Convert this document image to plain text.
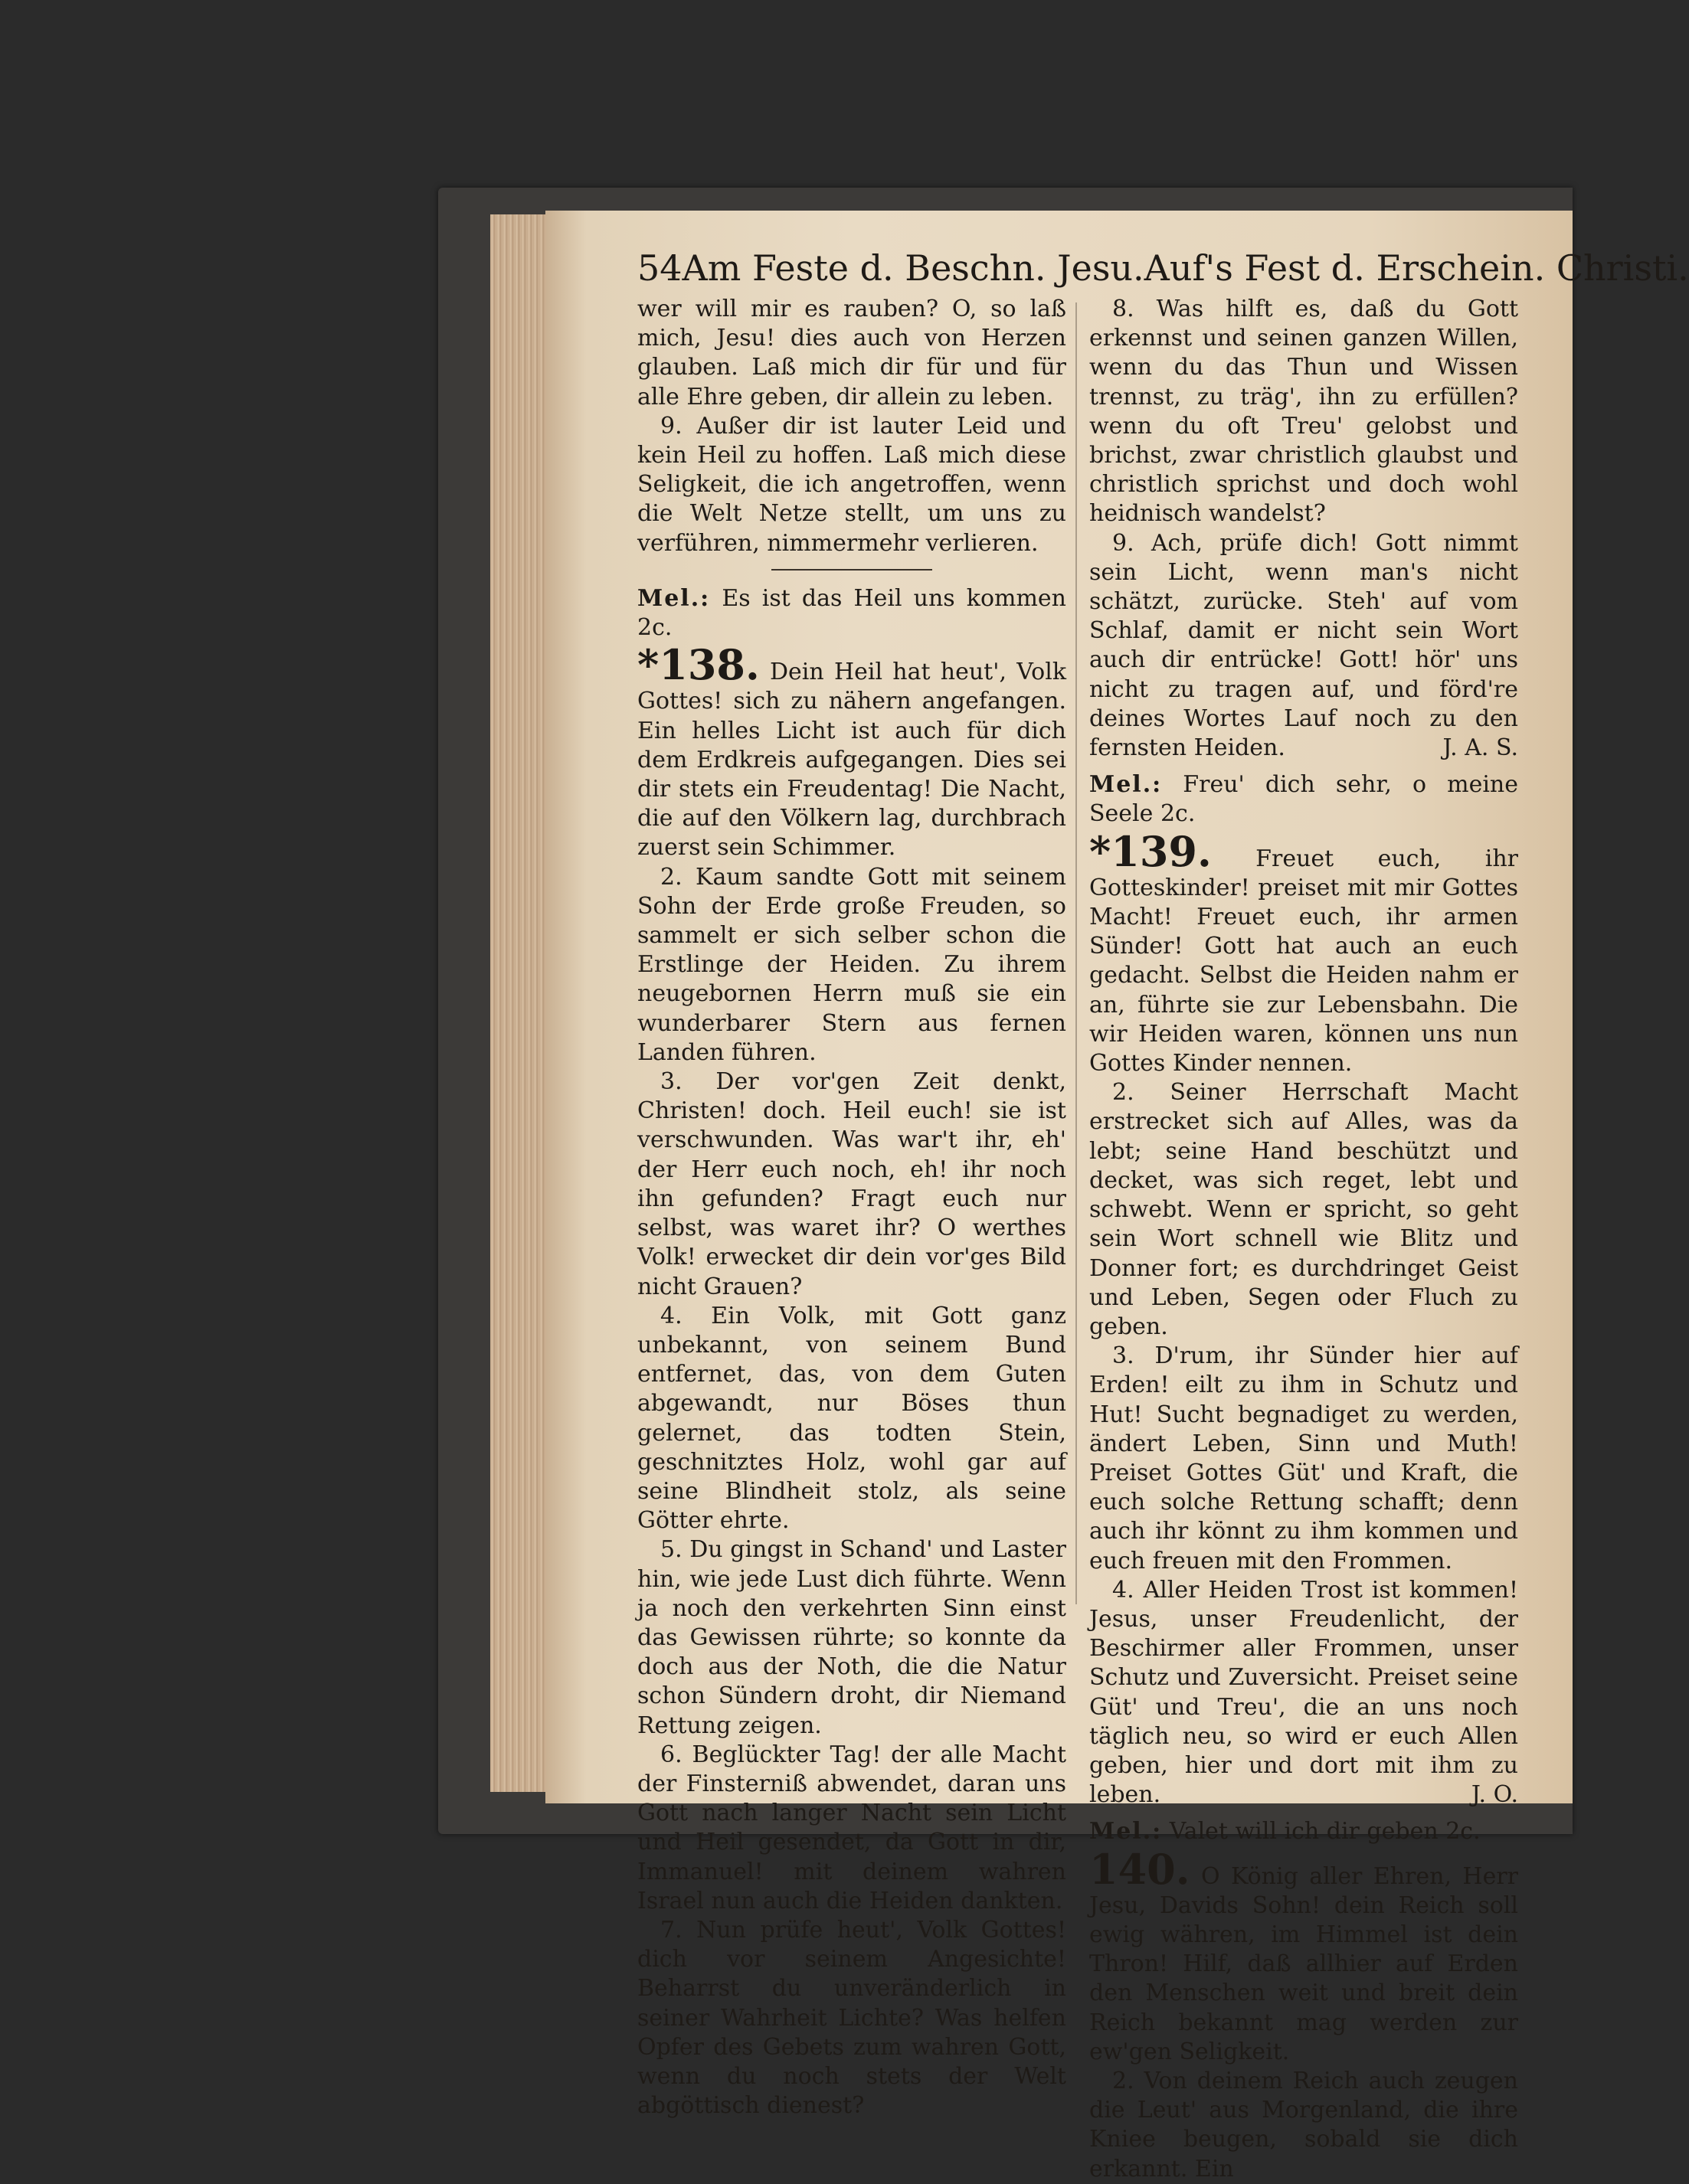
54 Am Feste d. Beschn. Jesu. Auf's Fest d. Erschein. Christi.

wer will mir es rauben? O, so laß mich, Jesu! dies auch von Herzen glauben. Laß mich dir für und für alle Ehre geben, dir allein zu leben.

9. Außer dir ist lauter Leid und kein Heil zu hoffen. Laß mich diese Seligkeit, die ich angetroffen, wenn die Welt Netze stellt, um uns zu verführen, nimmermehr verlieren.

Mel.: Es ist das Heil uns kommen 2c.

*138. Dein Heil hat heut', Volk Gottes! sich zu nähern angefangen. Ein helles Licht ist auch für dich dem Erdkreis aufgegangen. Dies sei dir stets ein Freudentag! Die Nacht, die auf den Völkern lag, durchbrach zuerst sein Schimmer.

2. Kaum sandte Gott mit seinem Sohn der Erde große Freuden, so sammelt er sich selber schon die Erstlinge der Heiden. Zu ihrem neugebornen Herrn muß sie ein wunderbarer Stern aus fernen Landen führen.

3. Der vor'gen Zeit denkt, Christen! doch. Heil euch! sie ist verschwunden. Was war't ihr, eh' der Herr euch noch, eh! ihr noch ihn gefunden? Fragt euch nur selbst, was waret ihr? O werthes Volk! erwecket dir dein vor'ges Bild nicht Grauen?

4. Ein Volk, mit Gott ganz unbekannt, von seinem Bund entfernet, das, von dem Guten abgewandt, nur Böses thun gelernet, das todten Stein, geschnitztes Holz, wohl gar auf seine Blindheit stolz, als seine Götter ehrte.

5. Du gingst in Schand' und Laster hin, wie jede Lust dich führte. Wenn ja noch den verkehrten Sinn einst das Gewissen rührte; so konnte da doch aus der Noth, die die Natur schon Sündern droht, dir Niemand Rettung zeigen.

6. Beglückter Tag! der alle Macht der Finsterniß abwendet, daran uns Gott nach langer Nacht sein Licht und Heil gesendet, da Gott in dir, Immanuel! mit deinem wahren Israel nun auch die Heiden dankten.

7. Nun prüfe heut', Volk Gottes! dich vor seinem Angesichte! Beharrst du unveränderlich in seiner Wahrheit Lichte? Was helfen Opfer des Gebets zum wahren Gott, wenn du noch stets der Welt abgöttisch dienest?

8. Was hilft es, daß du Gott erkennst und seinen ganzen Willen, wenn du das Thun und Wissen trennst, zu träg', ihn zu erfüllen? wenn du oft Treu' gelobst und brichst, zwar christlich glaubst und christlich sprichst und doch wohl heidnisch wandelst?

9. Ach, prüfe dich! Gott nimmt sein Licht, wenn man's nicht schätzt, zurücke. Steh' auf vom Schlaf, damit er nicht sein Wort auch dir entrücke! Gott! hör' uns nicht zu tragen auf, und förd're deines Wortes Lauf noch zu den fernsten Heiden.	J. A. S.

Mel.: Freu' dich sehr, o meine Seele 2c.

*139. Freuet euch, ihr Gotteskinder! preiset mit mir Gottes Macht! Freuet euch, ihr armen Sünder! Gott hat auch an euch gedacht. Selbst die Heiden nahm er an, führte sie zur Lebensbahn. Die wir Heiden waren, können uns nun Gottes Kinder nennen.

2. Seiner Herrschaft Macht erstrecket sich auf Alles, was da lebt; seine Hand beschützt und decket, was sich reget, lebt und schwebt. Wenn er spricht, so geht sein Wort schnell wie Blitz und Donner fort; es durchdringet Geist und Leben, Segen oder Fluch zu geben.

3. D'rum, ihr Sünder hier auf Erden! eilt zu ihm in Schutz und Hut! Sucht begnadiget zu werden, ändert Leben, Sinn und Muth! Preiset Gottes Güt' und Kraft, die euch solche Rettung schafft; denn auch ihr könnt zu ihm kommen und euch freuen mit den Frommen.

4. Aller Heiden Trost ist kommen! Jesus, unser Freudenlicht, der Beschirmer aller Frommen, unser Schutz und Zuversicht. Preiset seine Güt' und Treu', die an uns noch täglich neu, so wird er euch Allen geben, hier und dort mit ihm zu leben.	J. O.

Mel.: Valet will ich dir geben 2c.

140. O König aller Ehren, Herr Jesu, Davids Sohn! dein Reich soll ewig währen, im Himmel ist dein Thron! Hilf, daß allhier auf Erden den Menschen weit und breit dein Reich bekannt mag werden zur ew'gen Seligkeit.

2. Von deinem Reich auch zeugen die Leut' aus Morgenland, die ihre Kniee beugen, sobald sie dich erkannt. Ein
